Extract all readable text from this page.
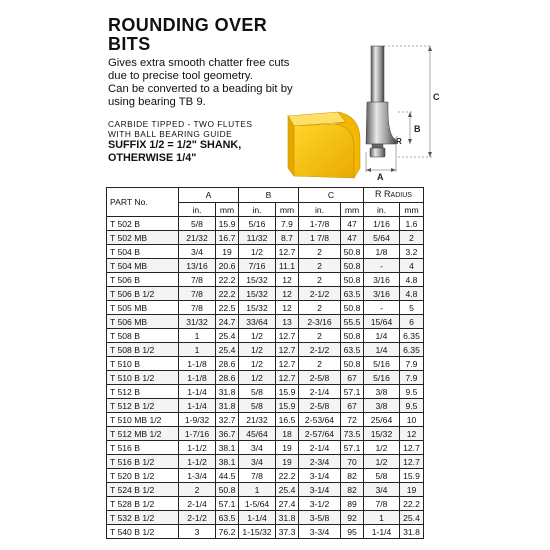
ROUNDING OVER
BITS
Gives extra smooth chatter free cuts
due to precise tool geometry.
Can be converted to a beading bit by
using bearing TB 9.
CARBIDE TIPPED - TWO FLUTES
WITH BALL BEARING GUIDE
SUFFIX 1/2 = 1/2" SHANK,
OTHERWISE 1/4"
C
B
R
A
PART No.	A		B		C		R RADIUS	
	in.	mm	in.	mm	in.	mm	in.	mm
T 502 B	5/8	15.9	5/16	7.9	1-7/8	47	1/16	1.6
T 502 MB	21/32	16.7	11/32	8.7	1 7/8	47	5/64	2
T 504 B	3/4	19	1/2	12.7	2	50.8	1/8	3.2
T 504 MB	13/16	20.6	7/16	11.1	2	50.8	-	4
T 506 B	7/8	22.2	15/32	12	2	50.8	3/16	4.8
T 506 B 1/2	7/8	22.2	15/32	12	2-1/2	63.5	3/16	4.8
T 505 MB	7/8	22.5	15/32	12	2	50.8	-	5
T 506 MB	31/32	24.7	33/64	13	2-3/16	55.5	15/64	6
T 508 B	1	25.4	1/2	12.7	2	50.8	1/4	6.35
T 508 B 1/2	1	25.4	1/2	12.7	2-1/2	63.5	1/4	6.35
T 510 B	1-1/8	28.6	1/2	12.7	2	50.8	5/16	7.9
T 510 B 1/2	1-1/8	28.6	1/2	12.7	2-5/8	67	5/16	7.9
T 512 B	1-1/4	31.8	5/8	15.9	2-1/4	57.1	3/8	9.5
T 512 B 1/2	1-1/4	31.8	5/8	15.9	2-5/8	67	3/8	9.5
T 510 MB 1/2	1-9/32	32.7	21/32	16.5	2-53/64	72	25/64	10
T 512 MB 1/2	1-7/16	36.7	45/64	18	2-57/64	73.5	15/32	12
T 516 B	1-1/2	38.1	3/4	19	2-1/4	57.1	1/2	12.7
T 516 B 1/2	1-1/2	38.1	3/4	19	2-3/4	70	1/2	12.7
T 520 B 1/2	1-3/4	44.5	7/8	22.2	3-1/4	82	5/8	15.9
T 524 B 1/2	2	50.8	1	25.4	3-1/4	82	3/4	19
T 528 B 1/2	2-1/4	57.1	1-5/64	27.4	3-1/2	89	7/8	22.2
T 532 B 1/2	2-1/2	63.5	1-1/4	31.8	3-5/8	92	1	25.4
T 540 B 1/2	3	76.2	1-15/32	37.3	3-3/4	95	1-1/4	31.8
